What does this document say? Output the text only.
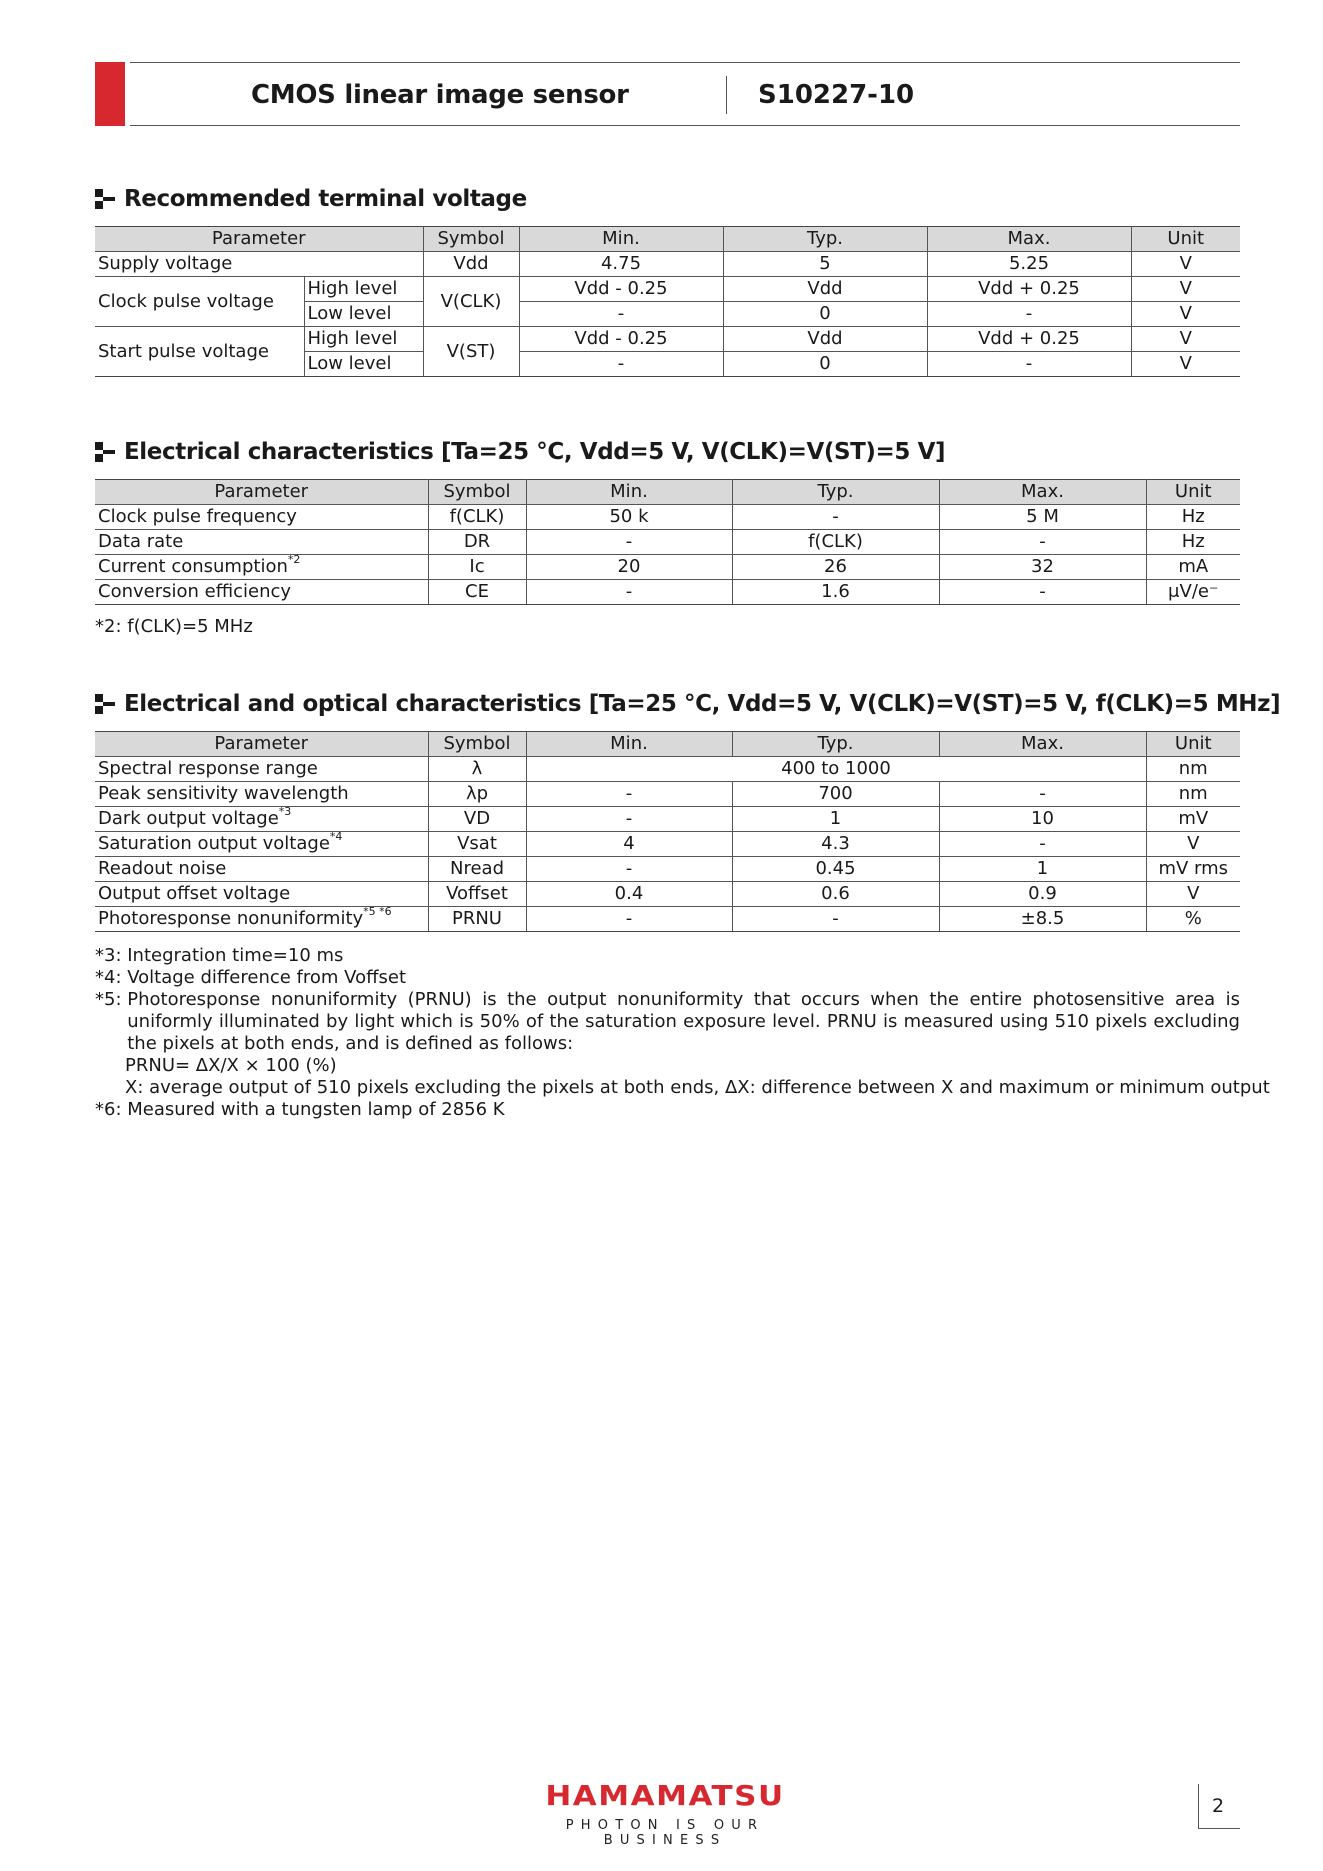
CMOS linear image sensor	S10227-10
Recommended terminal voltage
Parameter		Symbol	Min.	Typ.	Max.	Unit
Supply voltage		Vdd	4.75	5	5.25	V
Clock pulse voltage	High level	V(CLK)	Vdd - 0.25	Vdd	Vdd + 0.25	V
	Low level		-	0	-	V
Start pulse voltage	High level	V(ST)	Vdd - 0.25	Vdd	Vdd + 0.25	V
	Low level		-	0	-	V
Electrical characteristics [Ta=25 °C, Vdd=5 V, V(CLK)=V(ST)=5 V]
Parameter	Symbol	Min.	Typ.	Max.	Unit
Clock pulse frequency	f(CLK)	50 k	-	5 M	Hz
Data rate	DR	-	f(CLK)	-	Hz
Current consumption$^{*2}$	Ic	20	26	32	mA
Conversion efficiency	CE	-	1.6	-	μV/e⁻
*2: f(CLK)=5 MHz
Electrical and optical characteristics [Ta=25 °C, Vdd=5 V, V(CLK)=V(ST)=5 V, f(CLK)=5 MHz]
Parameter	Symbol	Min.	Typ.	Max.	Unit
Spectral response range	λ	400 to 1000			nm
Peak sensitivity wavelength	λp	-	700	-	nm
Dark output voltage$^{*3}$	VD	-	1	10	mV
Saturation output voltage$^{*4}$	Vsat	4	4.3	-	V
Readout noise	Nread	-	0.45	1	mV rms
Output offset voltage	Voffset	0.4	0.6	0.9	V
Photoresponse nonuniformity$^{*5 *6}$	PRNU	-	-	±8.5	%
*3: Integration time=10 ms
*4: Voltage difference from Voffset
*5: Photoresponse nonuniformity (PRNU) is the output nonuniformity that occurs when the entire photosensitive area is uniformly illuminated by light which is 50% of the saturation exposure level. PRNU is measured using 510 pixels excluding the pixels at both ends, and is defined as follows:
PRNU= ΔX/X × 100 (%)
X: average output of 510 pixels excluding the pixels at both ends, ΔX: difference between X and maximum or minimum output
*6: Measured with a tungsten lamp of 2856 K
HAMAMATSU
PHOTON IS OUR BUSINESS
2
